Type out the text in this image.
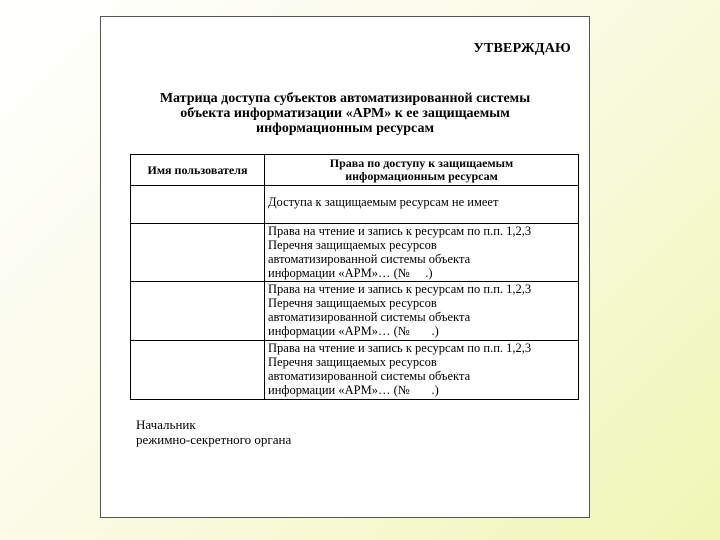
УТВЕРЖДАЮ
Матрица доступа субъектов автоматизированной системы
объекта информатизации «АРМ» к ее защищаемым
информационным ресурсам
Имя пользователя	Права по доступу к защищаемым
информационным ресурсам

	Доступа к защищаемым ресурсам не имеет

	Права на чтение и запись к ресурсам по п.п. 1,2,3
Перечня защищаемых ресурсов
автоматизированной системы объекта
информации «АРМ»… (№     .)

	Права на чтение и запись к ресурсам по п.п. 1,2,3
Перечня защищаемых ресурсов
автоматизированной системы объекта
информации «АРМ»… (№       .)

	Права на чтение и запись к ресурсам по п.п. 1,2,3
Перечня защищаемых ресурсов
автоматизированной системы объекта
информации «АРМ»… (№       .)
Начальник
режимно-секретного органа
